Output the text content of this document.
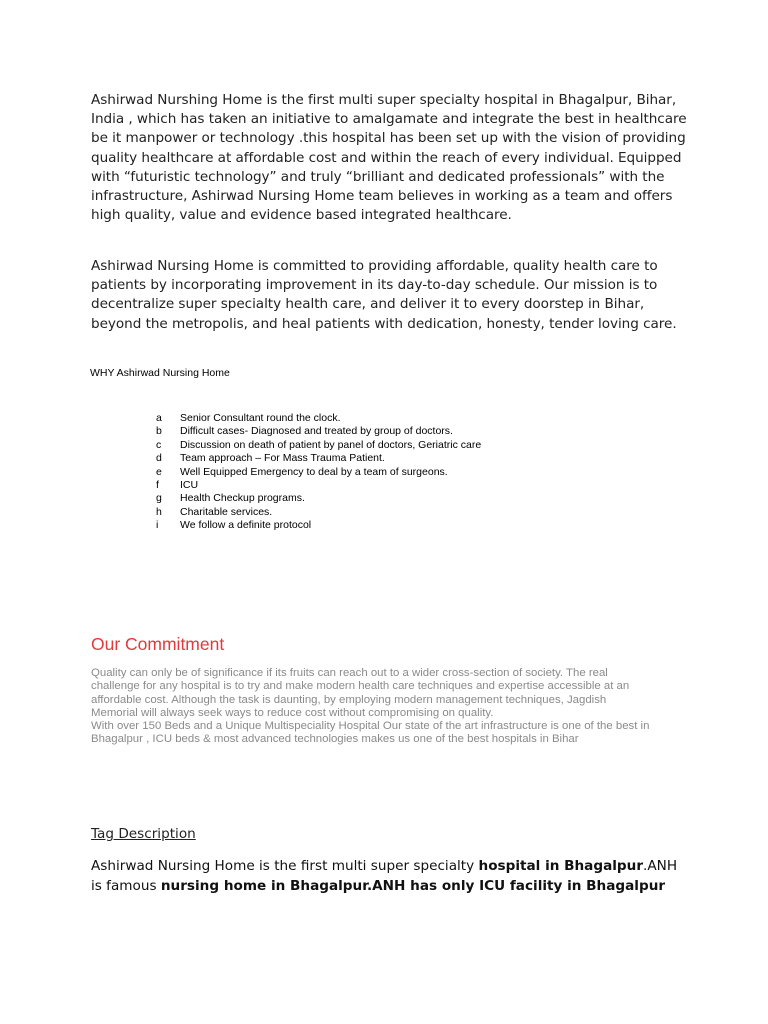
Ashirwad Nurshing Home is the first multi super specialty hospital in Bhagalpur, Bihar, India , which has taken an initiative to amalgamate and integrate the best in healthcare be it manpower or technology .this hospital has been set up with the vision of providing quality healthcare at affordable cost and within the reach of every individual. Equipped with “futuristic technology” and truly “brilliant and dedicated professionals” with the infrastructure, Ashirwad Nursing Home team believes in working as a team and offers high quality, value and evidence based integrated healthcare.

Ashirwad Nursing Home is committed to providing affordable, quality health care to patients by incorporating improvement in its day-to-day schedule. Our mission is to decentralize super specialty health care, and deliver it to every doorstep in Bihar, beyond the metropolis, and heal patients with dedication, honesty, tender loving care.

WHY Ashirwad Nursing Home

a	Senior Consultant round the clock.
b	Difficult cases- Diagnosed and treated by group of doctors.
c	Discussion on death of patient by panel of doctors, Geriatric care
d	Team approach – For Mass Trauma Patient.
e	Well Equipped Emergency to deal by a team of surgeons.
f	ICU
g	Health Checkup programs.
h	Charitable services.
i	We follow a definite protocol
Our Commitment

Quality can only be of significance if its fruits can reach out to a wider cross-section of society. The real
challenge for any hospital is to try and make modern health care techniques and expertise accessible at an
affordable cost. Although the task is daunting, by employing modern management techniques, Jagdish
Memorial will always seek ways to reduce cost without compromising on quality.
With over 150 Beds and a Unique Multispeciality Hospital Our state of the art infrastructure is one of the best in
Bhagalpur , ICU beds & most advanced technologies makes us one of the best hospitals in Bihar

Tag Description

Ashirwad Nursing Home is the first multi super specialty hospital in Bhagalpur.ANH is famous nursing home in Bhagalpur.ANH has only ICU facility in Bhagalpur
